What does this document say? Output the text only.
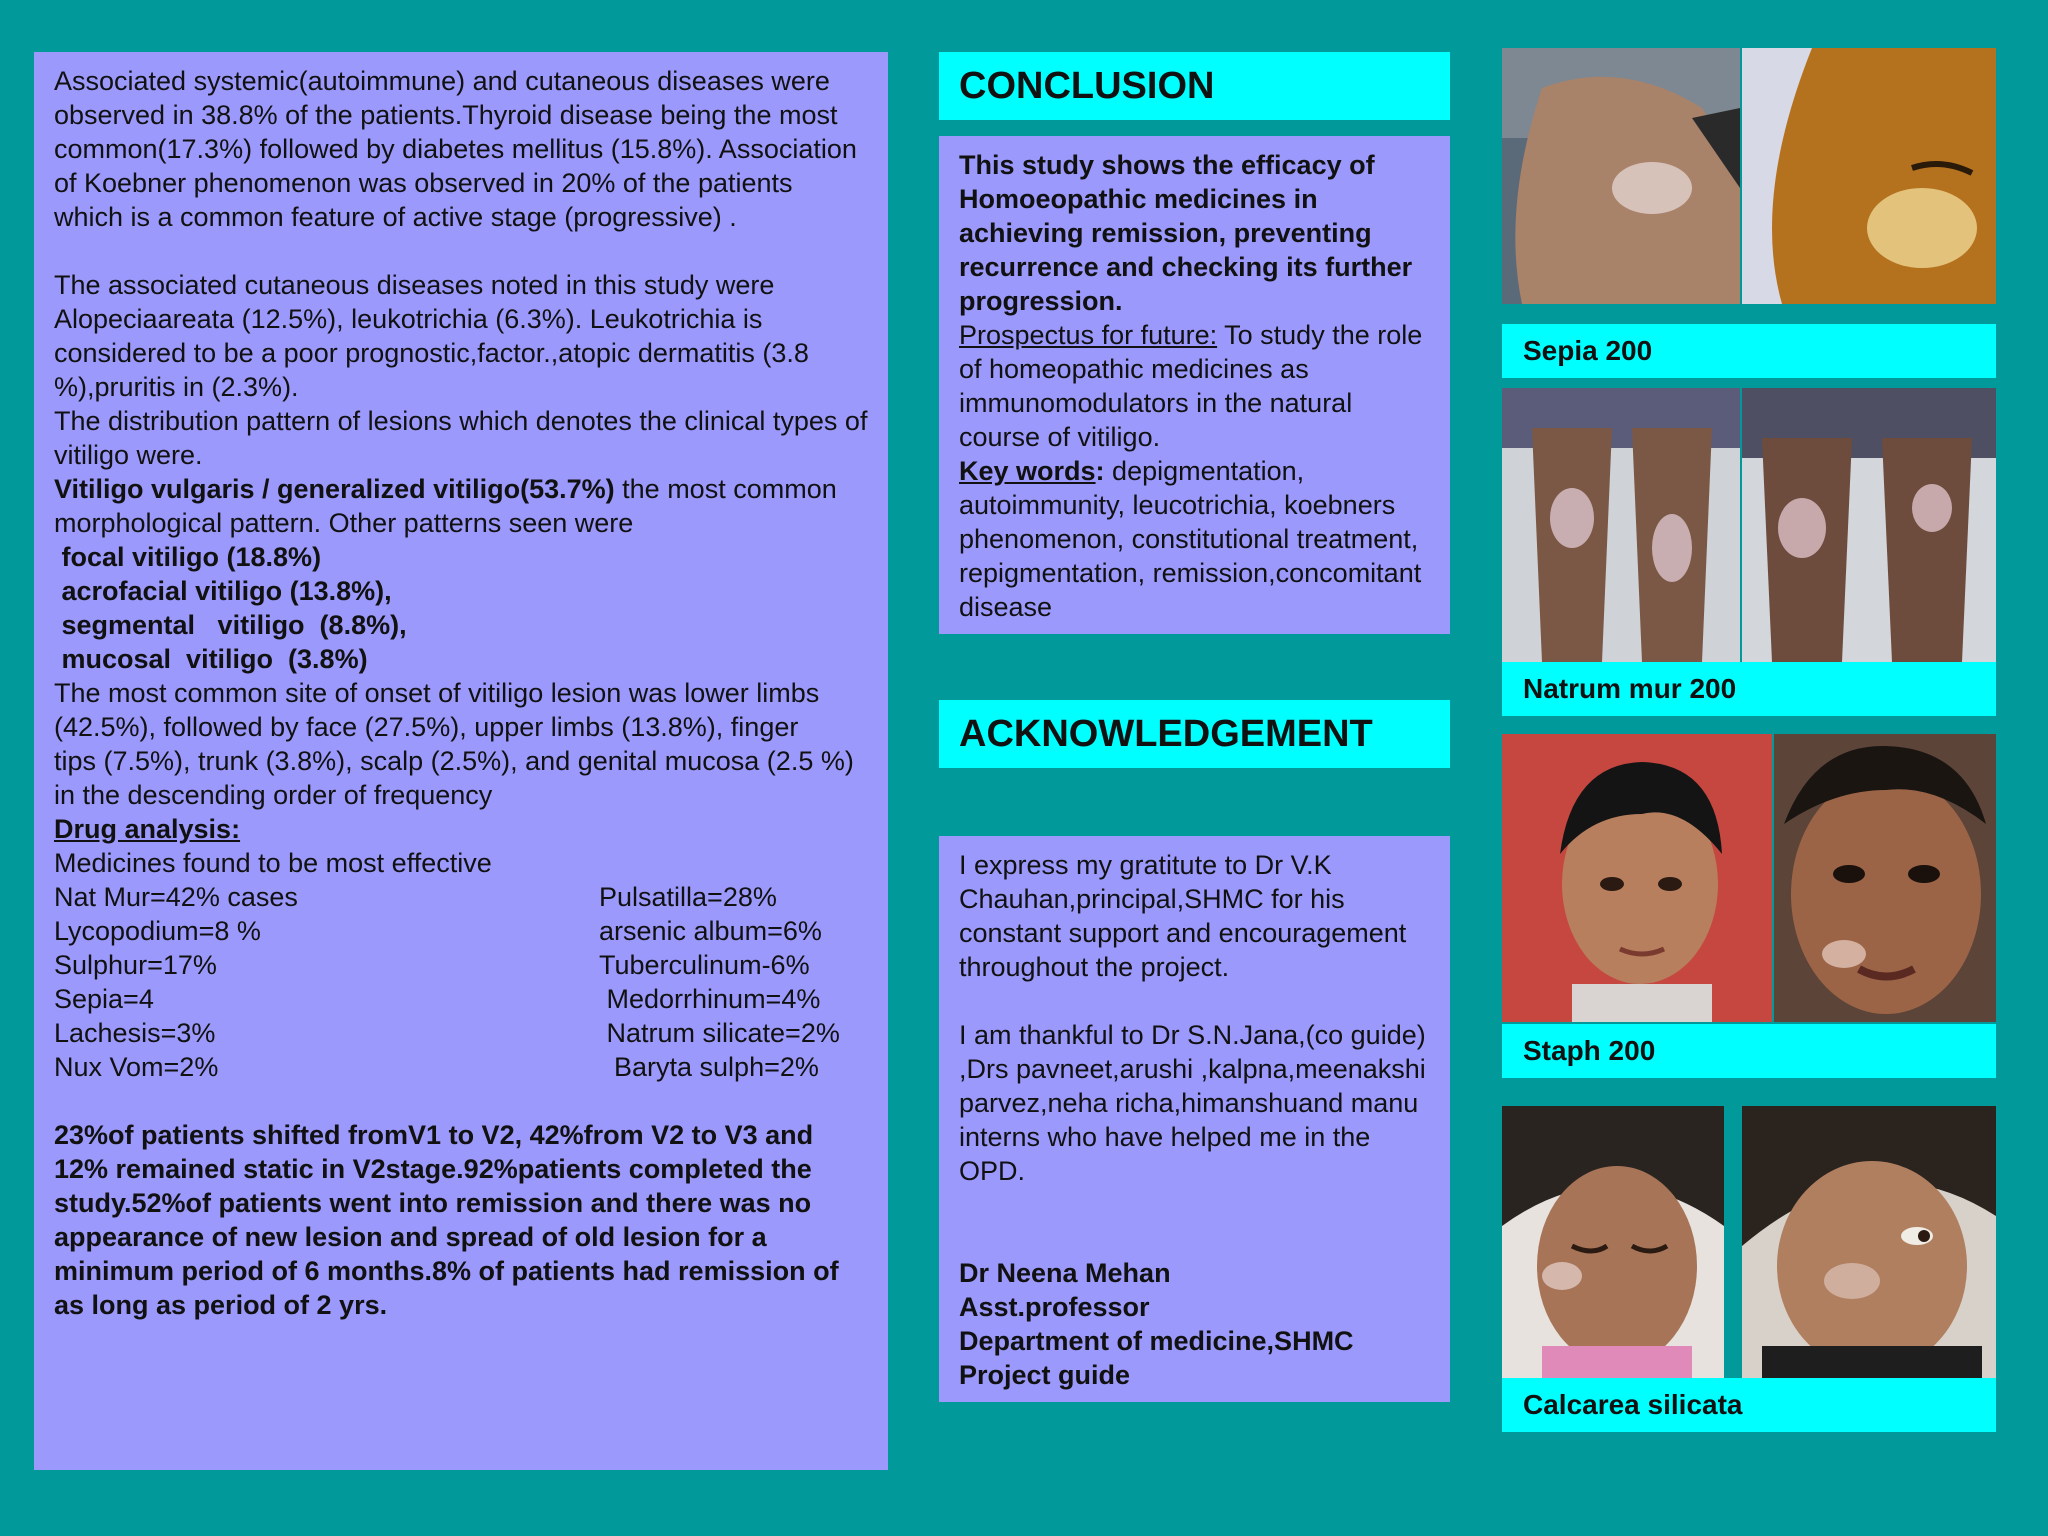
Associated systemic(autoimmune) and cutaneous diseases were observed in 38.8% of the patients.Thyroid disease being the most common(17.3%) followed by diabetes mellitus (15.8%). Association of Koebner phenomenon was observed in 20% of the patients which is a common feature of active stage (progressive) .

The associated cutaneous diseases noted in this study were Alopeciaareata (12.5%), leukotrichia (6.3%). Leukotrichia is considered to be a poor prognostic,factor.,atopic dermatitis (3.8 %),pruritis in (2.3%).

The distribution pattern of lesions which denotes the clinical types of vitiligo were.

Vitiligo vulgaris / generalized vitiligo(53.7%) the most common morphological pattern. Other patterns seen were

focal vitiligo (18.8%)

acrofacial vitiligo (13.8%),

segmental   vitiligo  (8.8%),

mucosal  vitiligo  (3.8%)

The most common site of onset of vitiligo lesion was lower limbs (42.5%), followed by face (27.5%), upper limbs (13.8%), finger

tips (7.5%), trunk (3.8%), scalp (2.5%), and genital mucosa (2.5 %) in the descending order of frequency

Drug analysis:

Medicines found to be most effective

Nat Mur=42% cases	Pulsatilla=28%
Lycopodium=8 %	arsenic album=6%
Sulphur=17%	Tuberculinum-6%
Sepia=4	Medorrhinum=4%
Lachesis=3%	Natrum silicate=2%
Nux Vom=2%	Baryta sulph=2%

23%of patients shifted fromV1 to V2, 42%from V2 to V3 and 12% remained static in V2stage.92%patients completed the study.52%of patients went into remission and there was no appearance of new lesion and spread of old lesion for a minimum period of 6 months.8% of patients had remission of as long as period of 2 yrs.

CONCLUSION

This study shows the efficacy of Homoeopathic medicines in achieving remission, preventing recurrence and checking its further progression.

Prospectus for future: To study the role of homeopathic medicines as immunomodulators in the natural course of vitiligo.

Key words: depigmentation, autoimmunity, leucotrichia, koebners phenomenon, constitutional treatment, repigmentation, remission,concomitant disease

ACKNOWLEDGEMENT

I express my gratitute to Dr V.K Chauhan,principal,SHMC for his constant support and encouragement throughout the project.

I am thankful to Dr S.N.Jana,(co guide) ,Drs pavneet,arushi ,kalpna,meenakshi parvez,neha richa,himanshuand manu interns who have helped me in the OPD.

Dr Neena Mehan

Asst.professor

Department of medicine,SHMC

Project guide

Sepia 200
Natrum mur 200
Staph 200
Calcarea silicata
